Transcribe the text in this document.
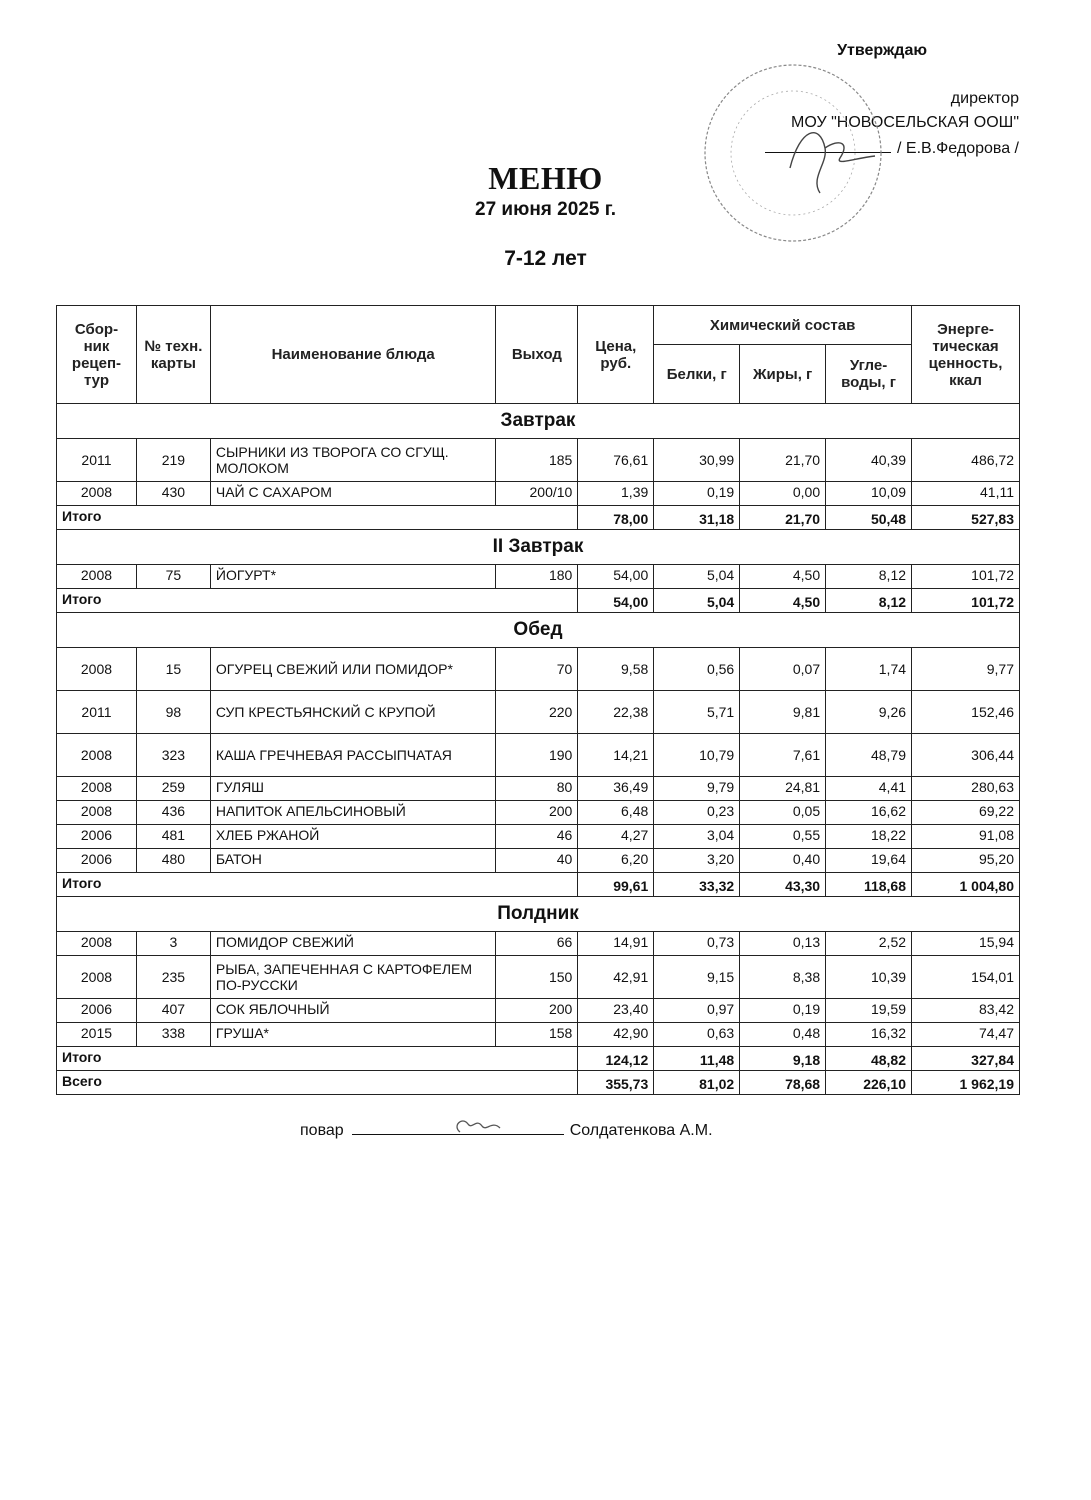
Утверждаю
директор
МОУ "НОВОСЕЛЬСКАЯ ООШ"
/ Е.В.Федорова /
МЕНЮ
27 июня 2025 г.
7-12 лет
Сбор-ник рецеп-тур	№ техн. карты	Наименование блюда	Выход	Цена, руб.	Химический состав			Энерге-тическая ценность, ккал
					Белки, г	Жиры, г	Угле-воды, г	
Завтрак								
2011	219	СЫРНИКИ ИЗ ТВОРОГА СО СГУЩ. МОЛОКОМ	185	76,61	30,99	21,70	40,39	486,72
2008	430	ЧАЙ С САХАРОМ	200/10	1,39	0,19	0,00	10,09	41,11
Итого				78,00	31,18	21,70	50,48	527,83
II Завтрак								
2008	75	ЙОГУРТ*	180	54,00	5,04	4,50	8,12	101,72
Итого				54,00	5,04	4,50	8,12	101,72
Обед								
2008	15	ОГУРЕЦ СВЕЖИЙ ИЛИ ПОМИДОР*	70	9,58	0,56	0,07	1,74	9,77
2011	98	СУП КРЕСТЬЯНСКИЙ С КРУПОЙ	220	22,38	5,71	9,81	9,26	152,46
2008	323	КАША ГРЕЧНЕВАЯ РАССЫПЧАТАЯ	190	14,21	10,79	7,61	48,79	306,44
2008	259	ГУЛЯШ	80	36,49	9,79	24,81	4,41	280,63
2008	436	НАПИТОК АПЕЛЬСИНОВЫЙ	200	6,48	0,23	0,05	16,62	69,22
2006	481	ХЛЕБ РЖАНОЙ	46	4,27	3,04	0,55	18,22	91,08
2006	480	БАТОН	40	6,20	3,20	0,40	19,64	95,20
Итого				99,61	33,32	43,30	118,68	1 004,80
Полдник								
2008	3	ПОМИДОР СВЕЖИЙ	66	14,91	0,73	0,13	2,52	15,94
2008	235	РЫБА, ЗАПЕЧЕННАЯ С КАРТОФЕЛЕМ ПО-РУССКИ	150	42,91	9,15	8,38	10,39	154,01
2006	407	СОК ЯБЛОЧНЫЙ	200	23,40	0,97	0,19	19,59	83,42
2015	338	ГРУША*	158	42,90	0,63	0,48	16,32	74,47
Итого				124,12	11,48	9,18	48,82	327,84
Всего				355,73	81,02	78,68	226,10	1 962,19
повар	Солдатенкова А.М.
